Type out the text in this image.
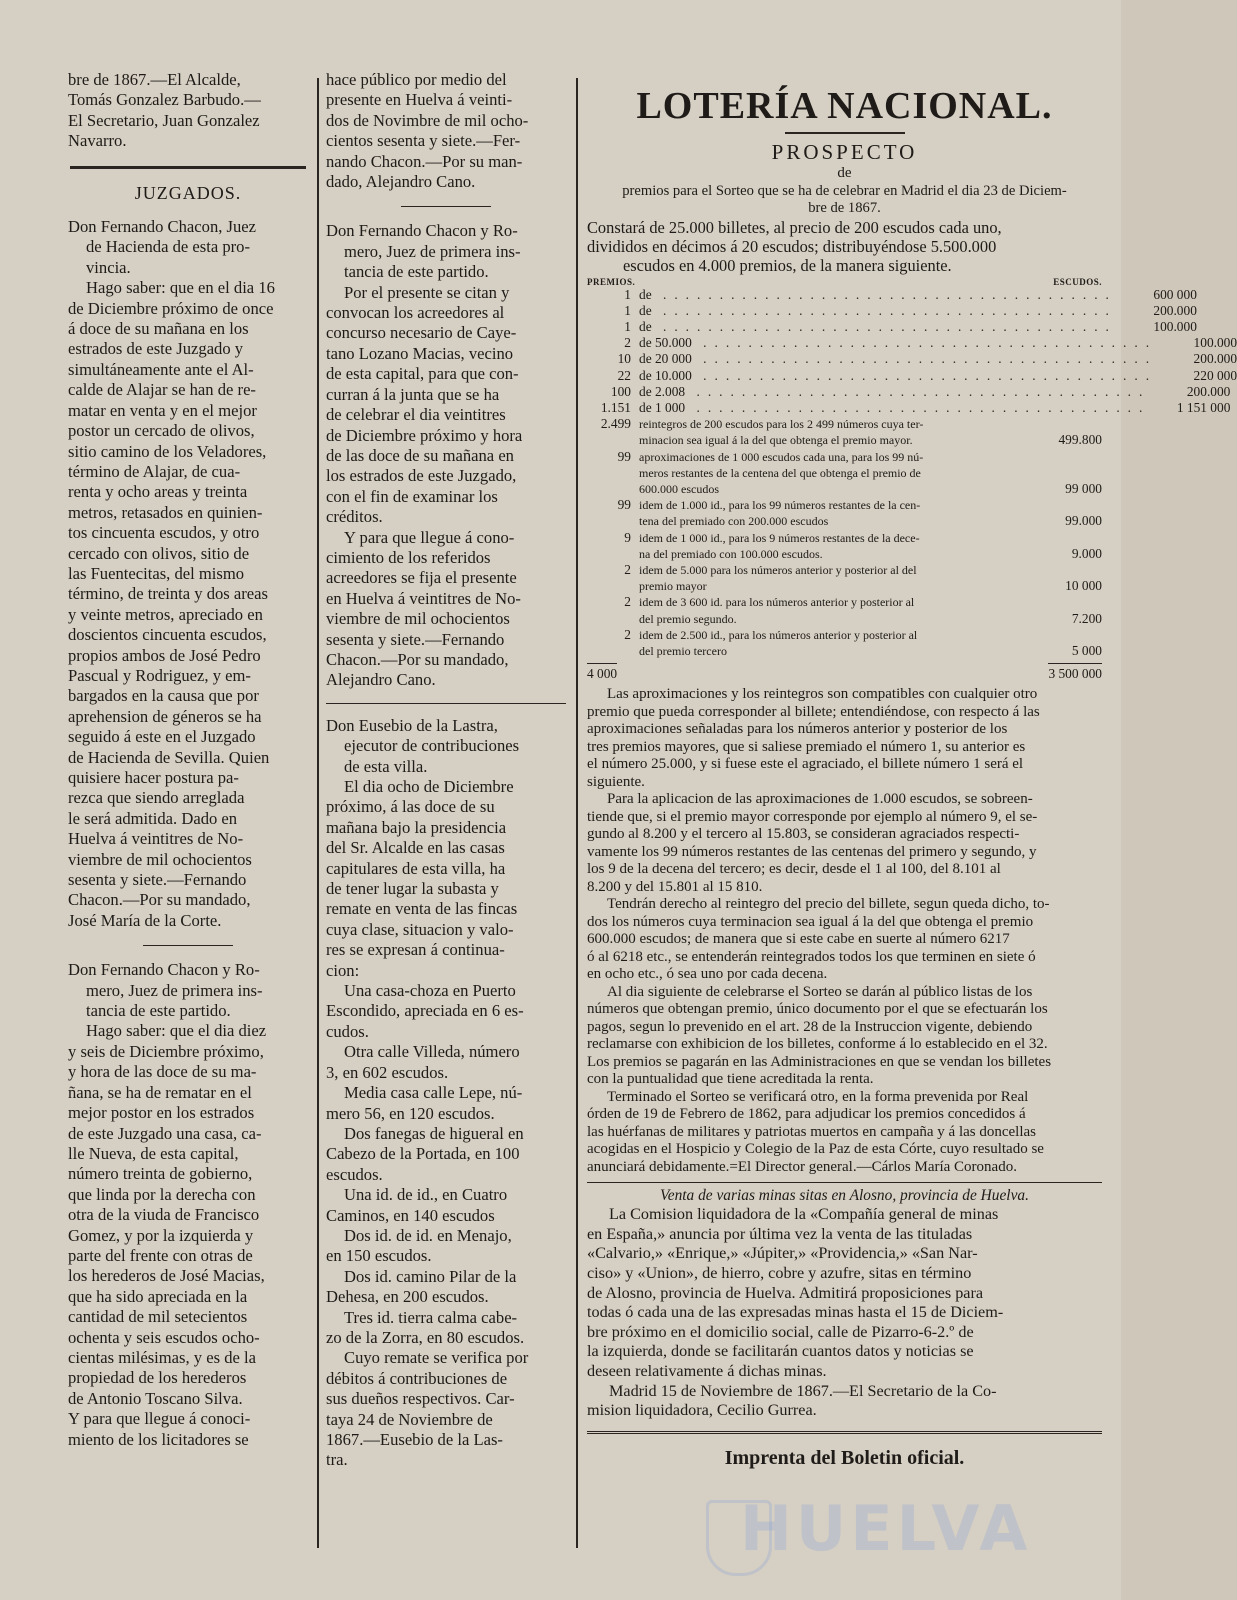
bre de 1867.—El Alcalde,
Tomás Gonzalez Barbudo.—
El Secretario, Juan Gonzalez
Navarro.
JUZGADOS.
Don Fernando Chacon, Juez
de Hacienda de esta pro-
vincia.
Hago saber: que en el dia 16
de Diciembre próximo de once
á doce de su mañana en los
estrados de este Juzgado y
simultáneamente ante el Al-
calde de Alajar se han de re-
matar en venta y en el mejor
postor un cercado de olivos,
sitio camino de los Veladores,
término de Alajar, de cua-
renta y ocho areas y treinta
metros, retasados en quinien-
tos cincuenta escudos, y otro
cercado con olivos, sitio de
las Fuentecitas, del mismo
término, de treinta y dos areas
y veinte metros, apreciado en
doscientos cincuenta escudos,
propios ambos de José Pedro
Pascual y Rodriguez, y em-
bargados en la causa que por
aprehension de géneros se ha
seguido á este en el Juzgado
de Hacienda de Sevilla. Quien
quisiere hacer postura pa-
rezca que siendo arreglada
le será admitida. Dado en
Huelva á veintitres de No-
viembre de mil ochocientos
sesenta y siete.—Fernando
Chacon.—Por su mandado,
José María de la Corte.
Don Fernando Chacon y Ro-
mero, Juez de primera ins-
tancia de este partido.
Hago saber: que el dia diez
y seis de Diciembre próximo,
y hora de las doce de su ma-
ñana, se ha de rematar en el
mejor postor en los estrados
de este Juzgado una casa, ca-
lle Nueva, de esta capital,
número treinta de gobierno,
que linda por la derecha con
otra de la viuda de Francisco
Gomez, y por la izquierda y
parte del frente con otras de
los herederos de José Macias,
que ha sido apreciada en la
cantidad de mil setecientos
ochenta y seis escudos ocho-
cientas milésimas, y es de la
propiedad de los herederos
de Antonio Toscano Silva.
Y para que llegue á conoci-
miento de los licitadores se
hace público por medio del
presente en Huelva á veinti-
dos de Novimbre de mil ocho-
cientos sesenta y siete.—Fer-
nando Chacon.—Por su man-
dado, Alejandro Cano.
Don Fernando Chacon y Ro-
mero, Juez de primera ins-
tancia de este partido.
Por el presente se citan y
convocan los acreedores al
concurso necesario de Caye-
tano Lozano Macias, vecino
de esta capital, para que con-
curran á la junta que se ha
de celebrar el dia veintitres
de Diciembre próximo y hora
de las doce de su mañana en
los estrados de este Juzgado,
con el fin de examinar los
créditos.
Y para que llegue á cono-
cimiento de los referidos
acreedores se fija el presente
en Huelva á veintitres de No-
viembre de mil ochocientos
sesenta y siete.—Fernando
Chacon.—Por su mandado,
Alejandro Cano.
Don Eusebio de la Lastra,
ejecutor de contribuciones
de esta villa.
El dia ocho de Diciembre
próximo, á las doce de su
mañana bajo la presidencia
del Sr. Alcalde en las casas
capitulares de esta villa, ha
de tener lugar la subasta y
remate en venta de las fincas
cuya clase, situacion y valo-
res se expresan á continua-
cion:
Una casa-choza en Puerto
Escondido, apreciada en 6 es-
cudos.
Otra calle Villeda, número
3, en 602 escudos.
Media casa calle Lepe, nú-
mero 56, en 120 escudos.
Dos fanegas de higueral en
Cabezo de la Portada, en 100
escudos.
Una id. de id., en Cuatro
Caminos, en 140 escudos
Dos id. de id. en Menajo,
en 150 escudos.
Dos id. camino Pilar de la
Dehesa, en 200 escudos.
Tres id. tierra calma cabe-
zo de la Zorra, en 80 escudos.
Cuyo remate se verifica por
débitos á contribuciones de
sus dueños respectivos. Car-
taya 24 de Noviembre de
1867.—Eusebio de la Las-
tra.
LOTERÍA NACIONAL.
PROSPECTO
de
premios para el Sorteo que se ha de celebrar en Madrid el dia 23 de Diciem-
bre de 1867.
Constará de 25.000 billetes, al precio de 200 escudos cada uno,
divididos en décimos á 20 escudos; distribuyéndose 5.500.000
escudos en 4.000 premios, de la manera siguiente.
PREMIOS.	ESCUDOS.
1 de ........................................	600 000
1 de ........................................	200.000
1 de ........................................	100.000
2 de 50.000 ........................................	100.000
10 de 20 000 ........................................	200.000
22 de 10.000 ........................................	220 000
100 de 2.008 ........................................	200.000
1.151 de 1 000 ........................................	1 151 000
2.499 reintegros de 200 escudos para los 2 499 números cuya ter-
minacion sea igual á la del que obtenga el premio mayor.	499.800
99 aproximaciones de 1 000 escudos cada una, para los 99 nú-
meros restantes de la centena del que obtenga el premio de
600.000 escudos	99 000
99 idem de 1.000 id., para los 99 números restantes de la cen-
tena del premiado con 200.000 escudos	99.000
9 idem de 1 000 id., para los 9 números restantes de la dece-
na del premiado con 100.000 escudos.	9.000
2 idem de 5.000 para los números anterior y posterior al del
premio mayor	10 000
2 idem de 3 600 id. para los números anterior y posterior al
del premio segundo.	7.200
2 idem de 2.500 id., para los números anterior y posterior al
del premio tercero	5 000
4 000	3 500 000
Las aproximaciones y los reintegros son compatibles con cualquier otro
premio que pueda corresponder al billete; entendiéndose, con respecto á las
aproximaciones señaladas para los números anterior y posterior de los
tres premios mayores, que si saliese premiado el número 1, su anterior es
el número 25.000, y si fuese este el agraciado, el billete número 1 será el
siguiente.
Para la aplicacion de las aproximaciones de 1.000 escudos, se sobreen-
tiende que, si el premio mayor corresponde por ejemplo al número 9, el se-
gundo al 8.200 y el tercero al 15.803, se consideran agraciados respecti-
vamente los 99 números restantes de las centenas del primero y segundo, y
los 9 de la decena del tercero; es decir, desde el 1 al 100, del 8.101 al
8.200 y del 15.801 al 15 810.
Tendrán derecho al reintegro del precio del billete, segun queda dicho, to-
dos los números cuya terminacion sea igual á la del que obtenga el premio
600.000 escudos; de manera que si este cabe en suerte al número 6217
ó al 6218 etc., se entenderán reintegrados todos los que terminen en siete ó
en ocho etc., ó sea uno por cada decena.
Al dia siguiente de celebrarse el Sorteo se darán al público listas de los
números que obtengan premio, único documento por el que se efectuarán los
pagos, segun lo prevenido en el art. 28 de la Instruccion vigente, debiendo
reclamarse con exhibicion de los billetes, conforme á lo establecido en el 32.
Los premios se pagarán en las Administraciones en que se vendan los billetes
con la puntualidad que tiene acreditada la renta.
Terminado el Sorteo se verificará otro, en la forma prevenida por Real
órden de 19 de Febrero de 1862, para adjudicar los premios concedidos á
las huérfanas de militares y patriotas muertos en campaña y á las doncellas
acogidas en el Hospicio y Colegio de la Paz de esta Córte, cuyo resultado se
anunciará debidamente.=El Director general.—Cárlos María Coronado.
Venta de varias minas sitas en Alosno, provincia de Huelva.
La Comision liquidadora de la «Compañía general de minas
en España,» anuncia por última vez la venta de las tituladas
«Calvario,» «Enrique,» «Júpiter,» «Providencia,» «San Nar-
ciso» y «Union», de hierro, cobre y azufre, sitas en término
de Alosno, provincia de Huelva. Admitirá proposiciones para
todas ó cada una de las expresadas minas hasta el 15 de Diciem-
bre próximo en el domicilio social, calle de Pizarro-6-2.º de
la izquierda, donde se facilitarán cuantos datos y noticias se
deseen relativamente á dichas minas.
Madrid 15 de Noviembre de 1867.—El Secretario de la Co-
mision liquidadora, Cecilio Gurrea.
Imprenta del Boletin oficial.
HUELVA
